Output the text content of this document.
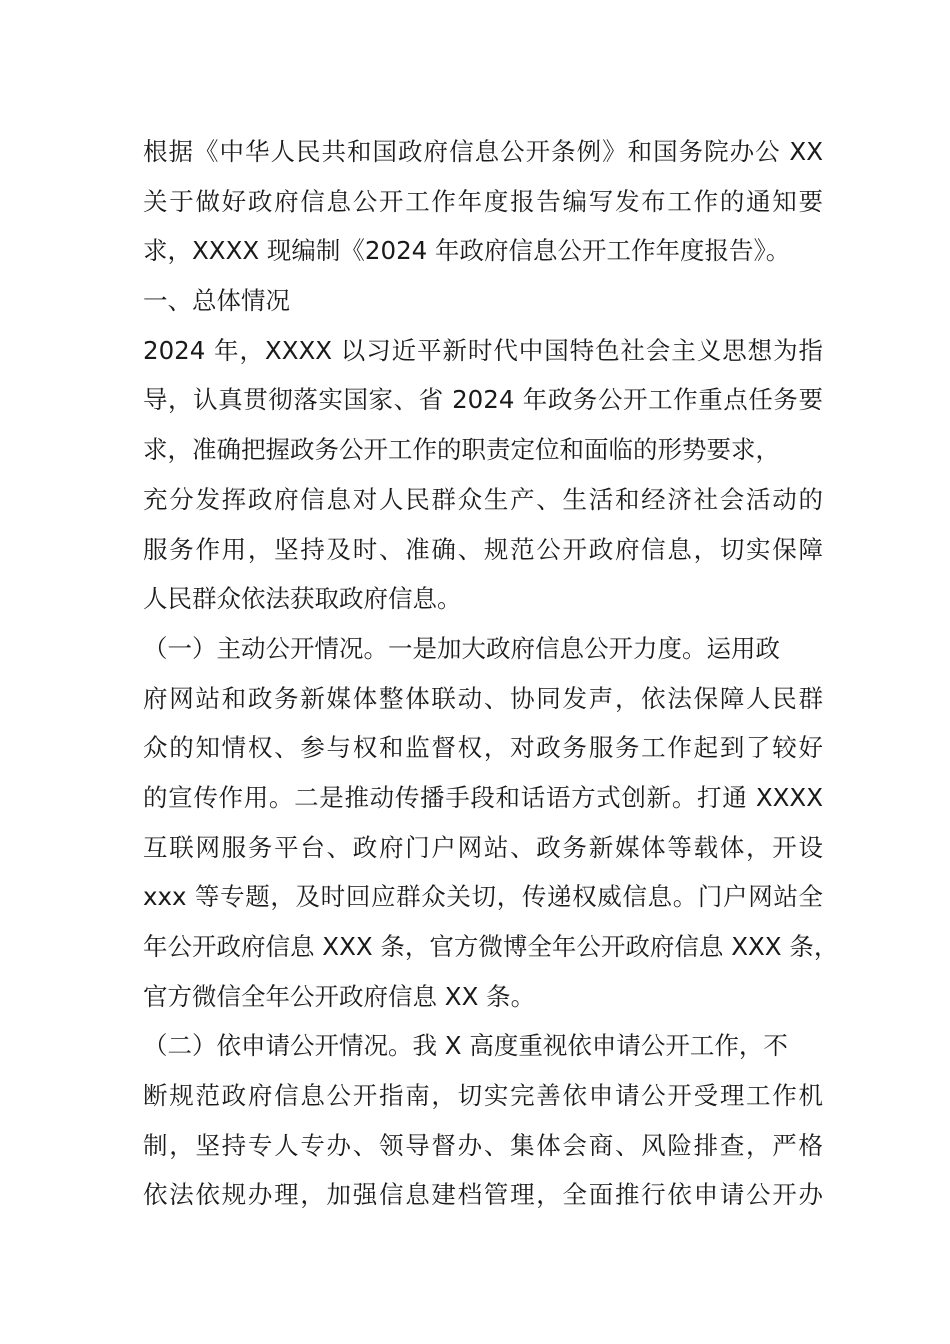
根据《中华人民共和国政府信息公开条例》和国务院办公 XX
关于做好政府信息公开工作年度报告编写发布工作的通知要
求，XXXX 现编制《2024 年政府信息公开工作年度报告》。
一、总体情况
2024 年，XXXX 以习近平新时代中国特色社会主义思想为指
导，认真贯彻落实国家、省 2024 年政务公开工作重点任务要
求，准确把握政务公开工作的职责定位和面临的形势要求，
充分发挥政府信息对人民群众生产、生活和经济社会活动的
服务作用，坚持及时、准确、规范公开政府信息，切实保障
人民群众依法获取政府信息。
（一）主动公开情况。一是加大政府信息公开力度。运用政
府网站和政务新媒体整体联动、协同发声，依法保障人民群
众的知情权、参与权和监督权，对政务服务工作起到了较好
的宣传作用。二是推动传播手段和话语方式创新。打通 XXXX
互联网服务平台、政府门户网站、政务新媒体等载体，开设
xxx 等专题，及时回应群众关切，传递权威信息。门户网站全
年公开政府信息 XXX 条，官方微博全年公开政府信息 XXX 条，
官方微信全年公开政府信息 XX 条。
（二）依申请公开情况。我 X 高度重视依申请公开工作，不
断规范政府信息公开指南，切实完善依申请公开受理工作机
制，坚持专人专办、领导督办、集体会商、风险排查，严格
依法依规办理，加强信息建档管理，全面推行依申请公开办
